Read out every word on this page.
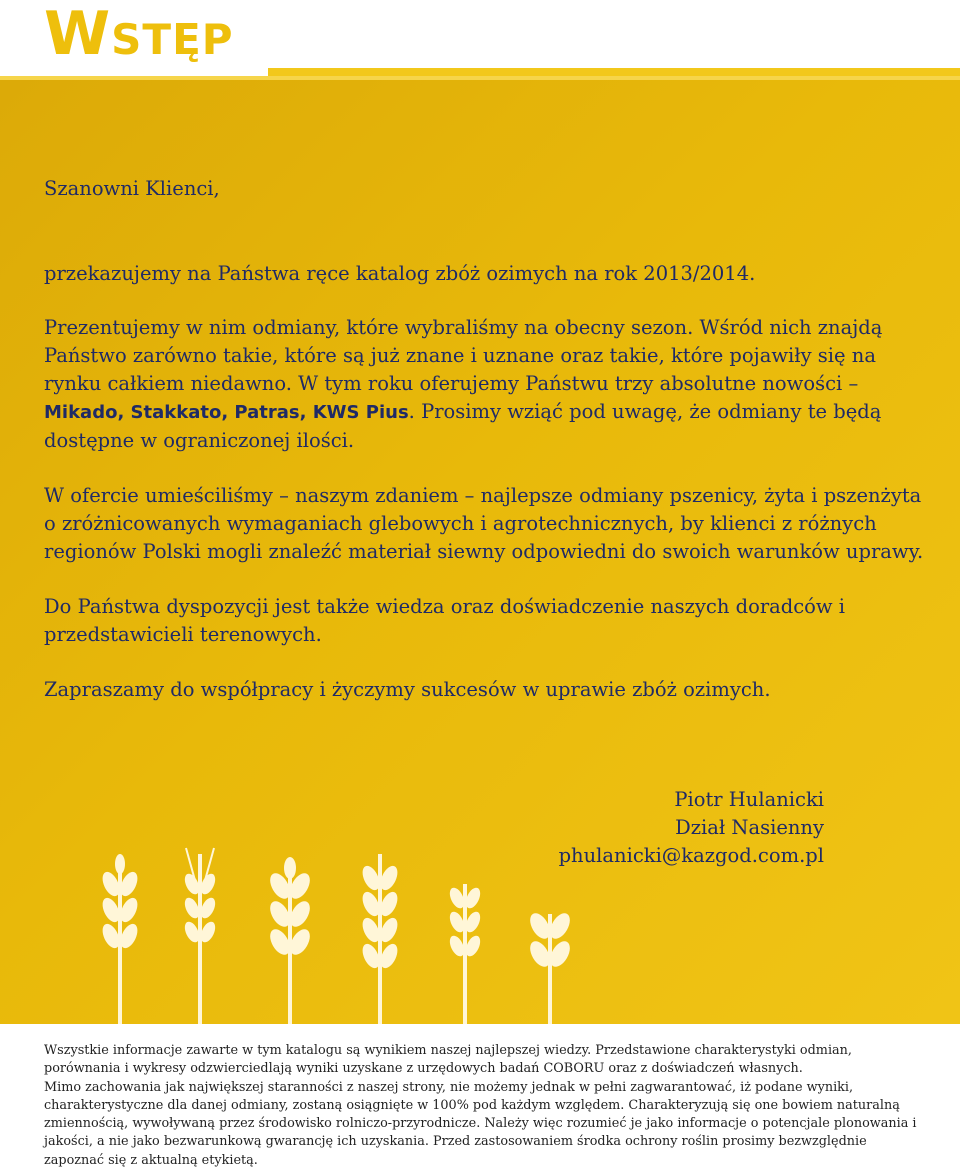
Wstęp

Szanowni Klienci,

przekazujemy na Państwa ręce katalog zbóż ozimych na rok 2013/2014.

Prezentujemy w nim odmiany, które wybraliśmy na obecny sezon. Wśród nich znajdą Państwo zarówno takie, które są już znane i uznane oraz takie, które pojawiły się na rynku całkiem niedawno. W tym roku oferujemy Państwu trzy absolutne nowości – Mikado, Stakkato, Patras, KWS Pius. Prosimy wziąć pod uwagę, że odmiany te będą dostępne w ograniczonej ilości.

W ofercie umieściliśmy – naszym zdaniem – najlepsze odmiany pszenicy, żyta i pszenżyta o zróżnicowanych wymaganiach glebowych i agrotechnicznych, by klienci z różnych regionów Polski mogli znaleźć materiał siewny odpowiedni do swoich warunków uprawy.

Do Państwa dyspozycji jest także wiedza oraz doświadczenie naszych doradców i przedstawicieli terenowych.

Zapraszamy do współpracy i życzymy sukcesów w uprawie zbóż ozimych.

Piotr Hulanicki
Dział Nasienny
phulanicki@kazgod.com.pl

Wszystkie informacje zawarte w tym katalogu są wynikiem naszej najlepszej wiedzy. Przedstawione charakterystyki odmian, porównania i wykresy odzwierciedlają wyniki uzyskane z urzędowych badań COBORU oraz z doświadczeń własnych.

Mimo zachowania jak największej staranności z naszej strony, nie możemy jednak w pełni zagwarantować, iż podane wyniki, charakterystyczne dla danej odmiany, zostaną osiągnięte w 100% pod każdym względem. Charakteryzują się one bowiem naturalną zmiennością, wywoływaną przez środowisko rolniczo-przyrodnicze. Należy więc rozumieć je jako informacje o potencjale plonowania i jakości, a nie jako bezwarunkową gwarancję ich uzyskania. Przed zastosowaniem środka ochrony roślin prosimy bezwzględnie zapoznać się z aktualną etykietą.
